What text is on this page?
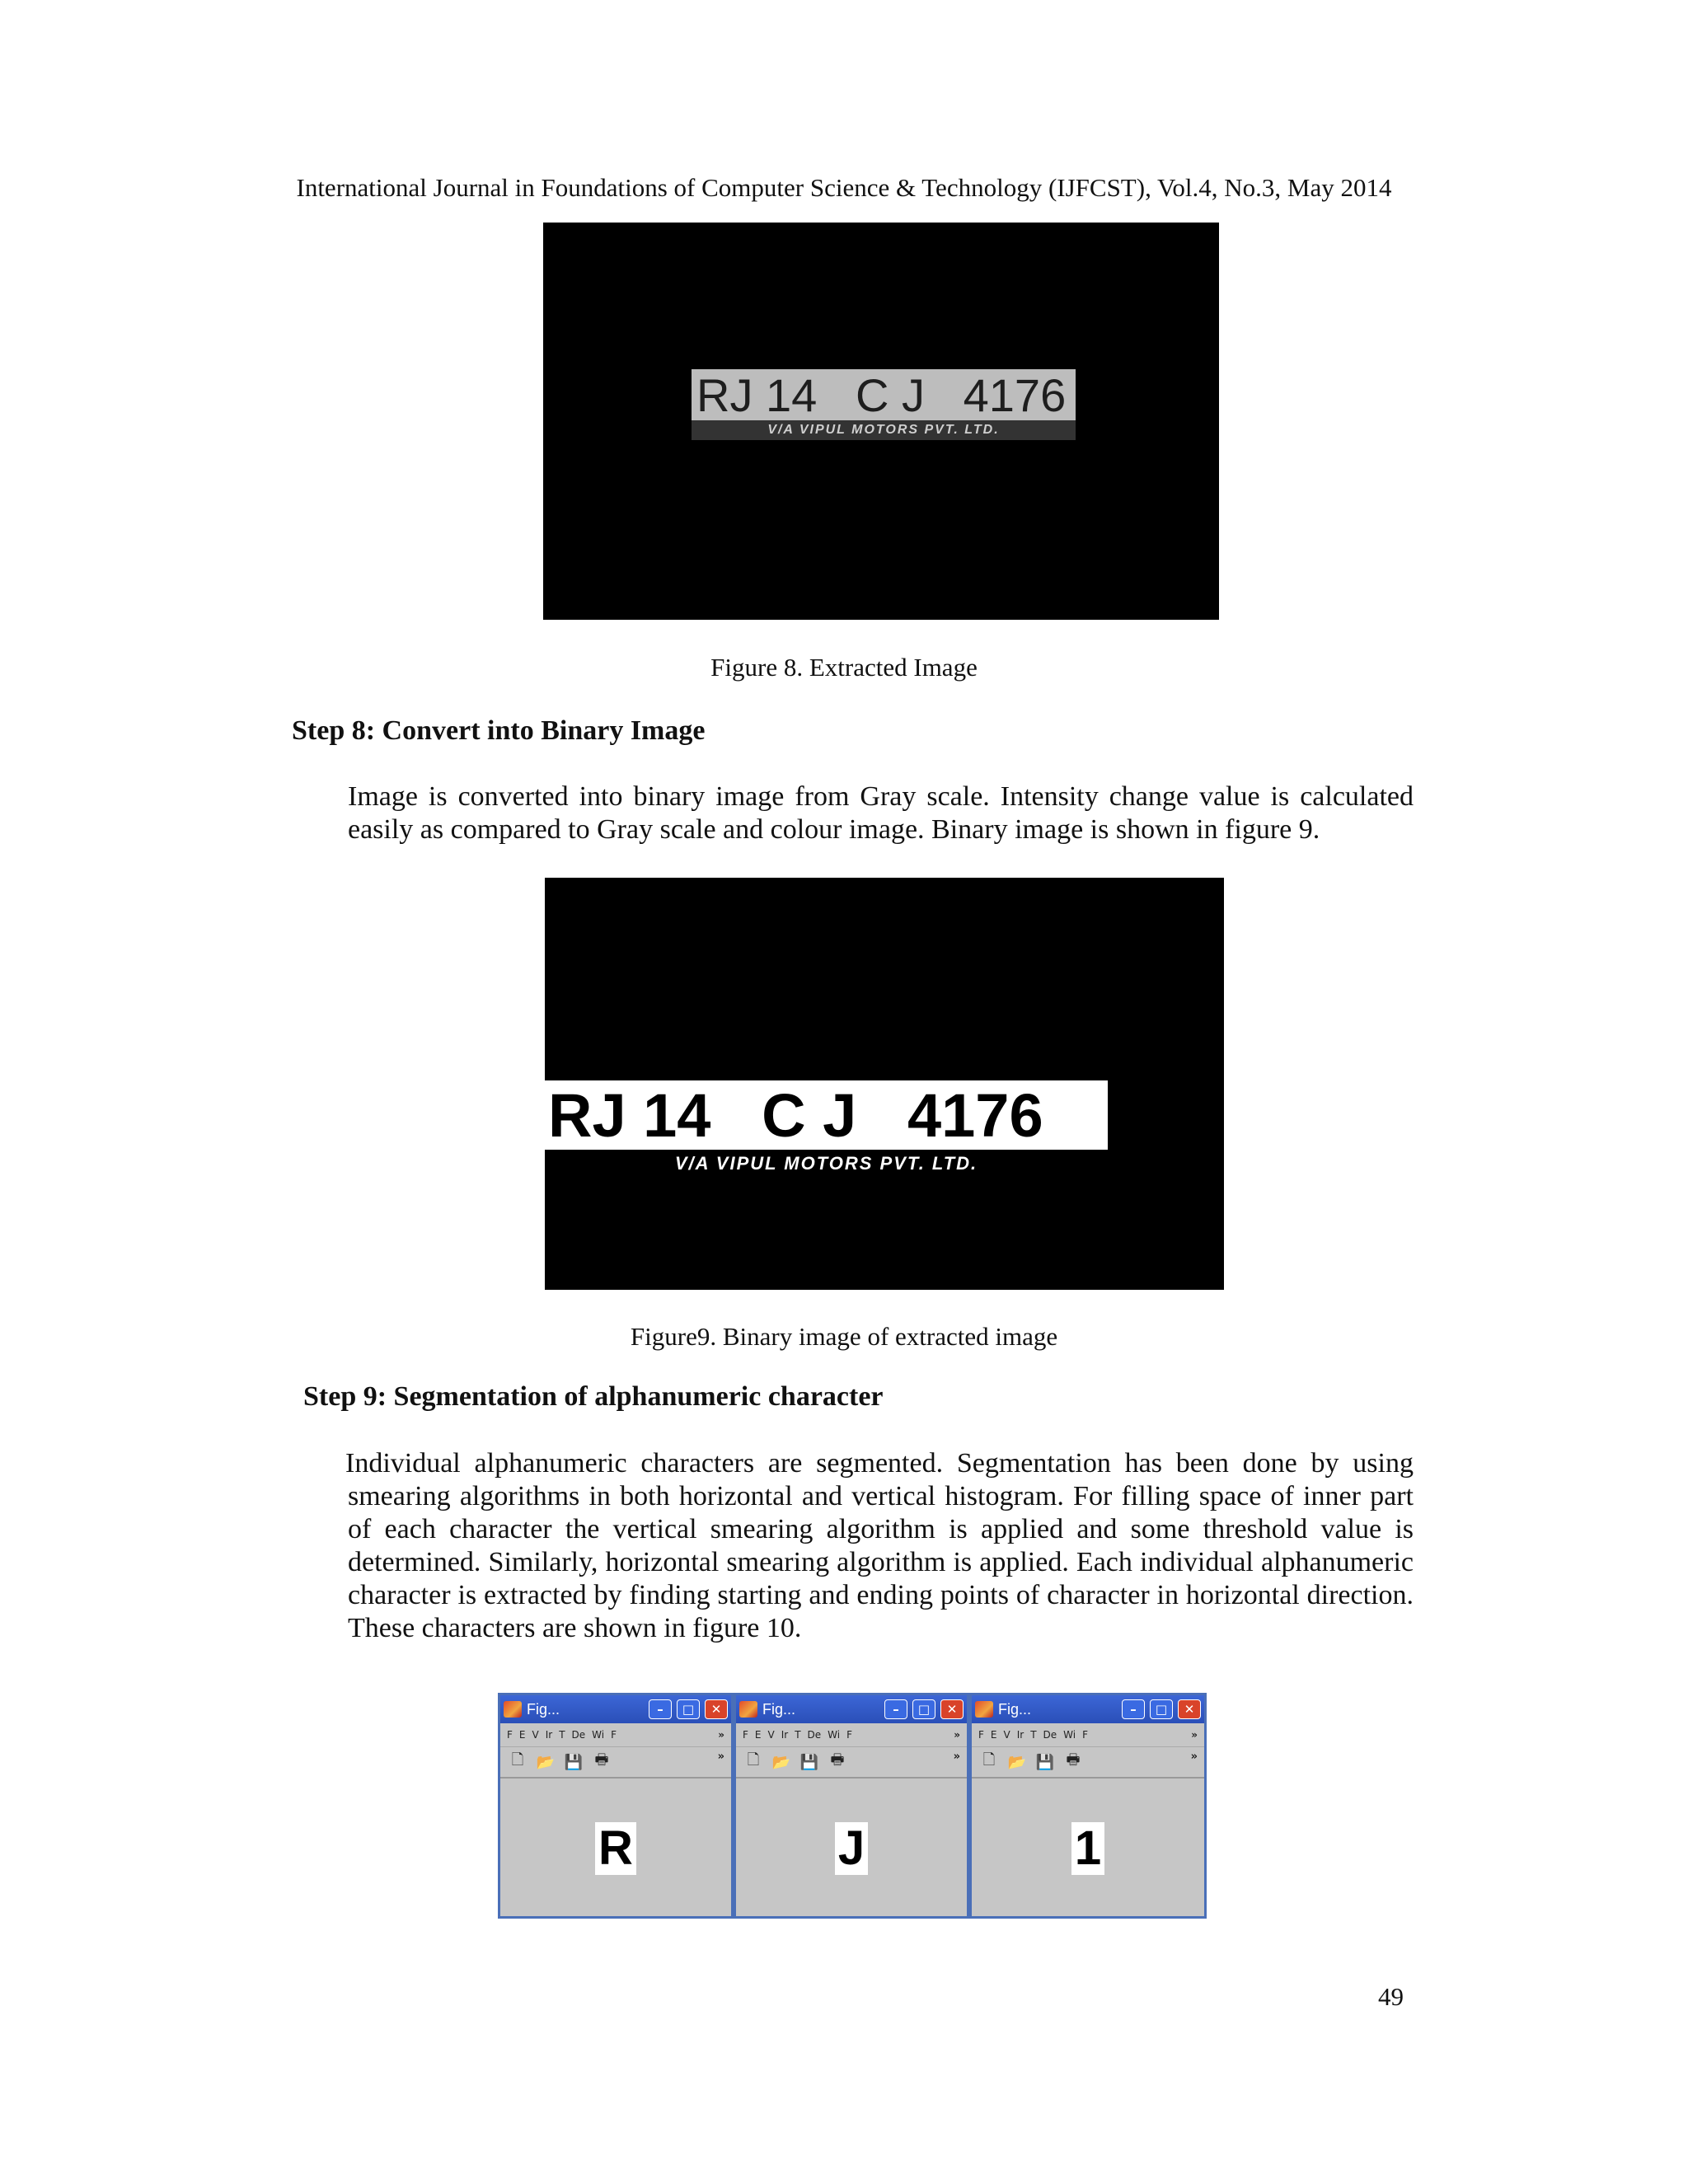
International Journal in Foundations of Computer Science & Technology (IJFCST), Vol.4, No.3, May 2014
RJ 14   C J   4176
V/A VIPUL MOTORS PVT. LTD.
Figure 8. Extracted Image
Step 8: Convert into Binary Image
Image is converted into binary image from Gray scale. Intensity change value is calculated easily as compared to Gray scale and colour image. Binary image is shown in figure 9.
RJ 14   C J   4176
V/A VIPUL MOTORS PVT. LTD.
Figure9. Binary image of extracted image
Step 9: Segmentation of alphanumeric character
Individual alphanumeric characters are segmented. Segmentation has been done by using smearing algorithms in both horizontal and vertical histogram. For filling space of inner part of each character the vertical smearing algorithm is applied and some threshold value is determined. Similarly, horizontal smearing algorithm is applied. Each individual alphanumeric character is extracted by finding starting and ending points of character in horizontal direction. These characters are shown in figure 10.
Fig...	–	□	✕
F E V Ir T De Wi F	»
🗋 📂 💾 🖶	»
R
Fig...	–	□	✕
F E V Ir T De Wi F	»
🗋 📂 💾 🖶	»
J
Fig...	–	□	✕
F E V Ir T De Wi F	»
🗋 📂 💾 🖶	»
1
49
